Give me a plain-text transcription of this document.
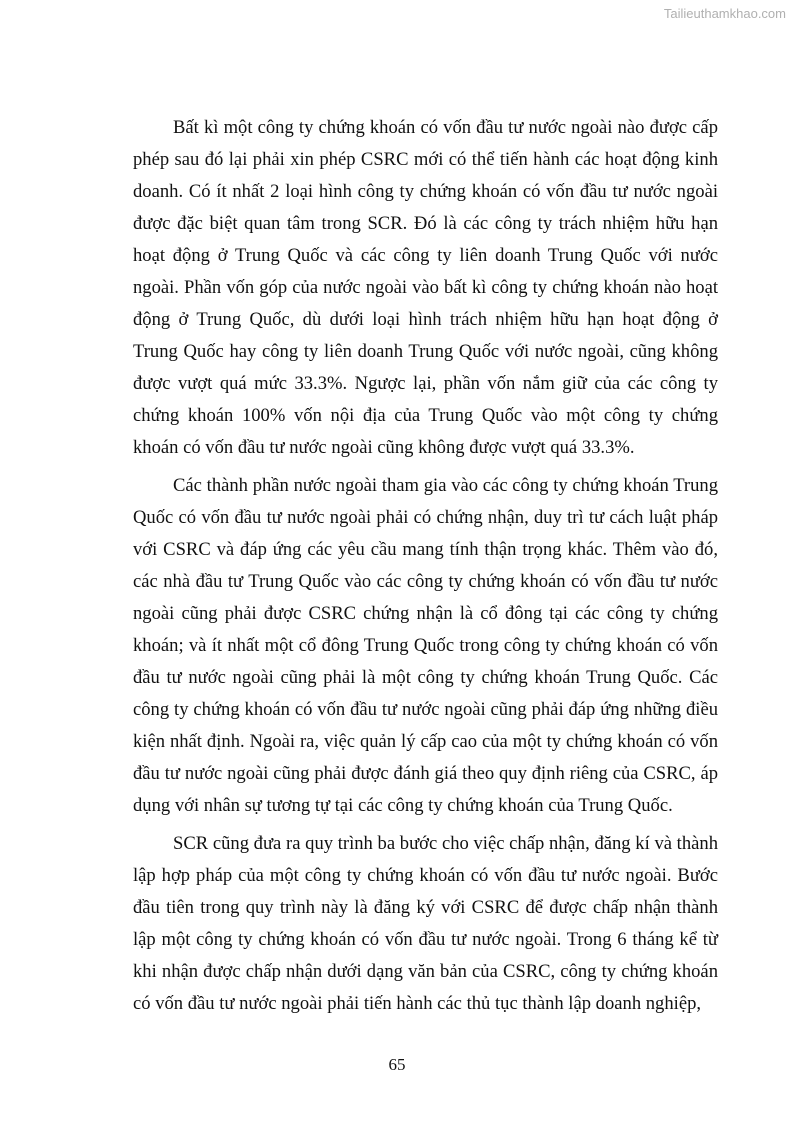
Tailieuthamkhao.com
Bất kì một công ty chứng khoán có vốn đầu tư nước ngoài nào được cấp
phép sau đó lại phải xin phép CSRC mới có thể tiến hành các hoạt động kinh
doanh. Có ít nhất 2 loại hình công ty chứng khoán có vốn đầu tư nước ngoài
được đặc biệt quan tâm trong SCR. Đó là các công ty trách nhiệm hữu hạn
hoạt động ở Trung Quốc và các công ty liên doanh Trung Quốc với nước
ngoài. Phần vốn góp của nước ngoài vào bất kì công ty chứng khoán nào hoạt
động ở Trung Quốc, dù dưới loại hình trách nhiệm hữu hạn hoạt động ở
Trung Quốc hay công ty liên doanh Trung Quốc với nước ngoài, cũng không
được vượt quá mức 33.3%. Ngược lại, phần vốn nắm giữ của các công ty
chứng khoán 100% vốn nội địa của Trung Quốc vào một công ty chứng
khoán có vốn đầu tư nước ngoài cũng không được vượt quá 33.3%.
Các thành phần nước ngoài tham gia vào các công ty chứng khoán Trung
Quốc có vốn đầu tư nước ngoài phải có chứng nhận, duy trì tư cách luật pháp
với CSRC và đáp ứng các yêu cầu mang tính thận trọng khác. Thêm vào đó,
các nhà đầu tư Trung Quốc vào các công ty chứng khoán có vốn đầu tư nước
ngoài cũng phải được CSRC chứng nhận là cổ đông tại các công ty chứng
khoán; và ít nhất một cổ đông Trung Quốc trong công ty chứng khoán có vốn
đầu tư nước ngoài cũng phải là một công ty chứng khoán Trung Quốc. Các
công ty chứng khoán có vốn đầu tư nước ngoài cũng phải đáp ứng những điều
kiện nhất định. Ngoài ra, việc quản lý cấp cao của một ty chứng khoán có vốn
đầu tư nước ngoài cũng phải được đánh giá theo quy định riêng của CSRC, áp
dụng với nhân sự tương tự tại các công ty chứng khoán của Trung Quốc.
SCR cũng đưa ra quy trình ba bước cho việc chấp nhận, đăng kí và thành
lập hợp pháp của một công ty chứng khoán có vốn đầu tư nước ngoài. Bước
đầu tiên trong quy trình này là đăng ký với CSRC để được chấp nhận thành
lập một công ty chứng khoán có vốn đầu tư nước ngoài. Trong 6 tháng kể từ
khi nhận được chấp nhận dưới dạng văn bản của CSRC, công ty chứng khoán
có vốn đầu tư nước ngoài phải tiến hành các thủ tục thành lập doanh nghiệp,
65
